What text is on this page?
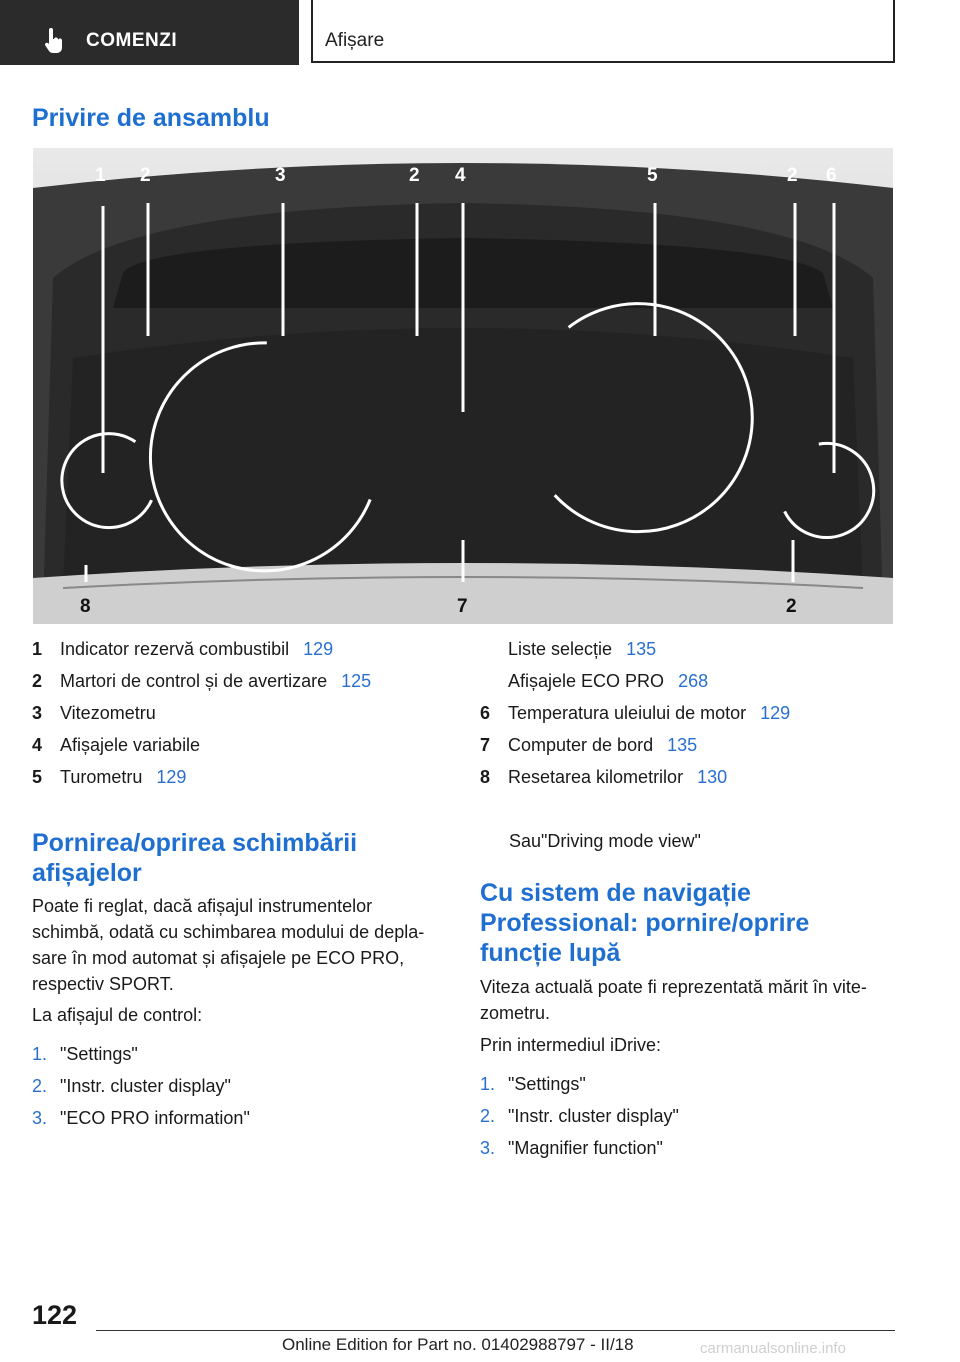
COMENZI	Afișare
Privire de ansamblu
1 2	3	2 4	5	2 6
8	7	2
1 Indicator rezervă combustibil 129
2 Martori de control și de avertizare 125
3 Vitezometru
4 Afișajele variabile
5 Turometru 129
Liste selecție 135
Afișajele ECO PRO 268
6 Temperatura uleiului de motor 129
7 Computer de bord 135
8 Resetarea kilometrilor 130
Pornirea/oprirea schimbării afișajelor
Poate fi reglat, dacă afișajul instrumentelor schimbă, odată cu schimbarea modului de depla-sare în mod automat și afișajele pe ECO PRO, respectiv SPORT.
La afișajul de control:
1. "Settings"
2. "Instr. cluster display"
3. "ECO PRO information"
Sau"Driving mode view"
Cu sistem de navigație Professional: pornire/oprire funcție lupă
Viteza actuală poate fi reprezentată mărit în vite-zometru.
Prin intermediul iDrive:
1. "Settings"
2. "Instr. cluster display"
3. "Magnifier function"
122
Online Edition for Part no. 01402988797 - II/18	carmanualsonline.info
